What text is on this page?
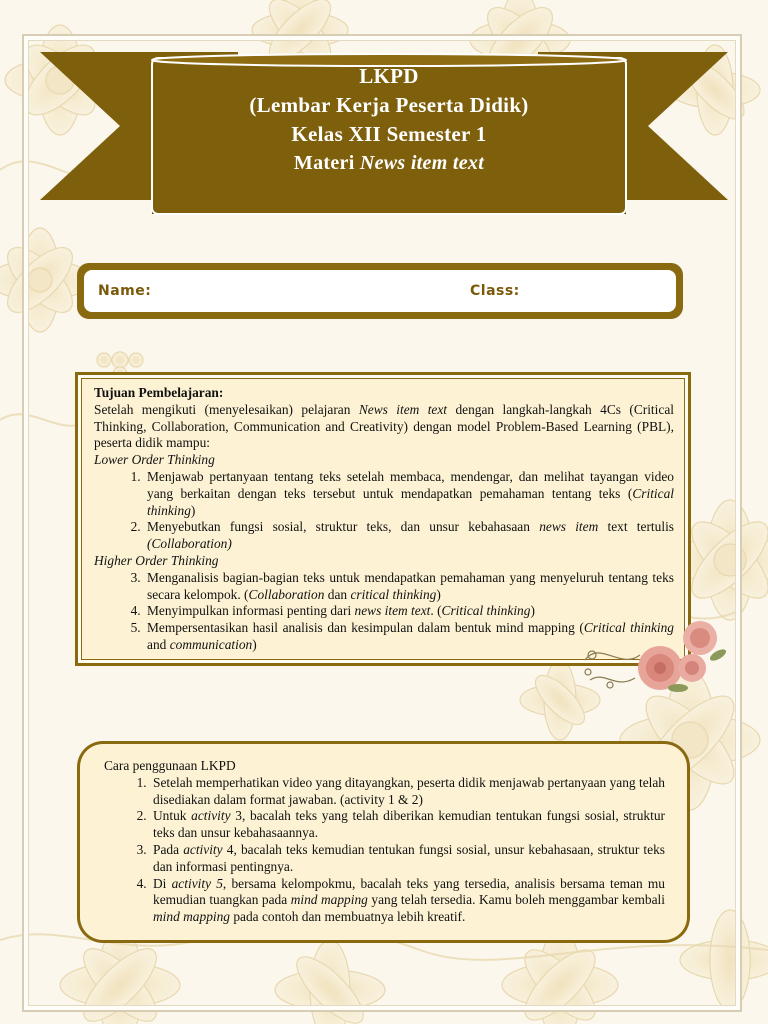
LKPD
(Lembar Kerja Peserta Didik)
Kelas XII Semester 1
Materi News item text
Name:	Class:
Tujuan Pembelajaran:
Setelah mengikuti (menyelesaikan) pelajaran News item text dengan langkah-langkah 4Cs (Critical Thinking, Collaboration, Communication and Creativity) dengan model Problem-Based Learning (PBL), peserta didik mampu:
Lower Order Thinking
1. Menjawab pertanyaan tentang teks setelah membaca, mendengar, dan melihat tayangan video yang berkaitan dengan teks tersebut untuk mendapatkan pemahaman tentang teks (Critical thinking)
2. Menyebutkan fungsi sosial, struktur teks, dan unsur kebahasaan news item text tertulis (Collaboration)
Higher Order Thinking
3. Menganalisis bagian-bagian teks untuk mendapatkan pemahaman yang menyeluruh tentang teks secara kelompok. (Collaboration dan critical thinking)
4. Menyimpulkan informasi penting dari news item text. (Critical thinking)
5. Mempersentasikan hasil analisis dan kesimpulan dalam bentuk mind mapping (Critical thinking and communication)
Cara penggunaan LKPD
1. Setelah memperhatikan video yang ditayangkan, peserta didik menjawab pertanyaan yang telah disediakan dalam format jawaban. (activity 1 & 2)
2. Untuk activity 3, bacalah teks yang telah diberikan kemudian tentukan fungsi sosial, struktur teks dan unsur kebahasaannya.
3. Pada activity 4, bacalah teks kemudian tentukan fungsi sosial, unsur kebahasaan, struktur teks dan informasi pentingnya.
4. Di activity 5, bersama kelompokmu, bacalah teks yang tersedia, analisis bersama teman mu kemudian tuangkan pada mind mapping yang telah tersedia. Kamu boleh menggambar kembali mind mapping pada contoh dan membuatnya lebih kreatif.
